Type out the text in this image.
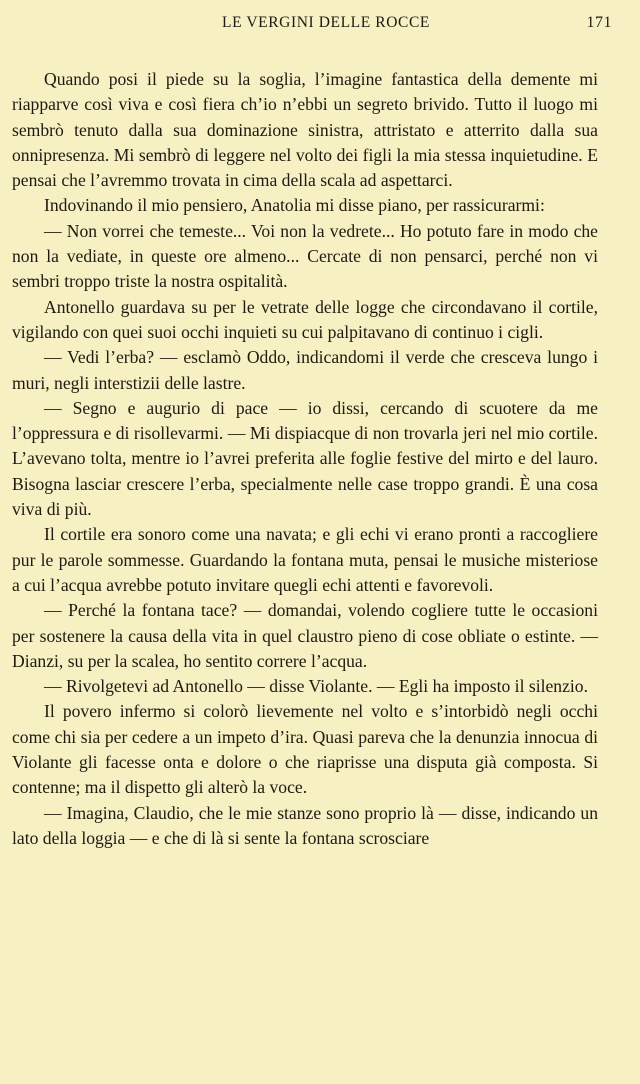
LE VERGINI DELLE ROCCE	171

Quando posi il piede su la soglia, l’imagine fantastica della demente mi riapparve così viva e così fiera ch’io n’ebbi un segreto brivido. Tutto il luogo mi sembrò tenuto dalla sua dominazione sinistra, attristato e atterrito dalla sua onnipresenza. Mi sembrò di leggere nel volto dei figli la mia stessa inquietudine. E pensai che l’avremmo trovata in cima della scala ad aspettarci.

Indovinando il mio pensiero, Anatolia mi disse piano, per rassicurarmi:

— Non vorrei che temeste... Voi non la vedrete... Ho potuto fare in modo che non la vediate, in queste ore almeno... Cercate di non pensarci, perché non vi sembri troppo triste la nostra ospitalità.

Antonello guardava su per le vetrate delle logge che circondavano il cortile, vigilando con quei suoi occhi inquieti su cui palpitavano di continuo i cigli.

— Vedi l’erba? — esclamò Oddo, indicandomi il verde che cresceva lungo i muri, negli interstizii delle lastre.

— Segno e augurio di pace — io dissi, cercando di scuotere da me l’oppressura e di risollevarmi. — Mi dispiacque di non trovarla jeri nel mio cortile. L’avevano tolta, mentre io l’avrei preferita alle foglie festive del mirto e del lauro. Bisogna lasciar crescere l’erba, specialmente nelle case troppo grandi. È una cosa viva di più.

Il cortile era sonoro come una navata; e gli echi vi erano pronti a raccogliere pur le parole sommesse. Guardando la fontana muta, pensai le musiche misteriose a cui l’acqua avrebbe potuto invitare quegli echi attenti e favorevoli.

— Perché la fontana tace? — domandai, volendo cogliere tutte le occasioni per sostenere la causa della vita in quel claustro pieno di cose obliate o estinte. — Dianzi, su per la scalea, ho sentito correre l’acqua.

— Rivolgetevi ad Antonello — disse Violante. — Egli ha imposto il silenzio.

Il povero infermo si colorò lievemente nel volto e s’intorbidò negli occhi come chi sia per cedere a un impeto d’ira. Quasi pareva che la denunzia innocua di Violante gli facesse onta e dolore o che riaprisse una disputa già composta. Si contenne; ma il dispetto gli alterò la voce.

— Imagina, Claudio, che le mie stanze sono proprio là — disse, indicando un lato della loggia — e che di là si sente la fontana scrosciare
